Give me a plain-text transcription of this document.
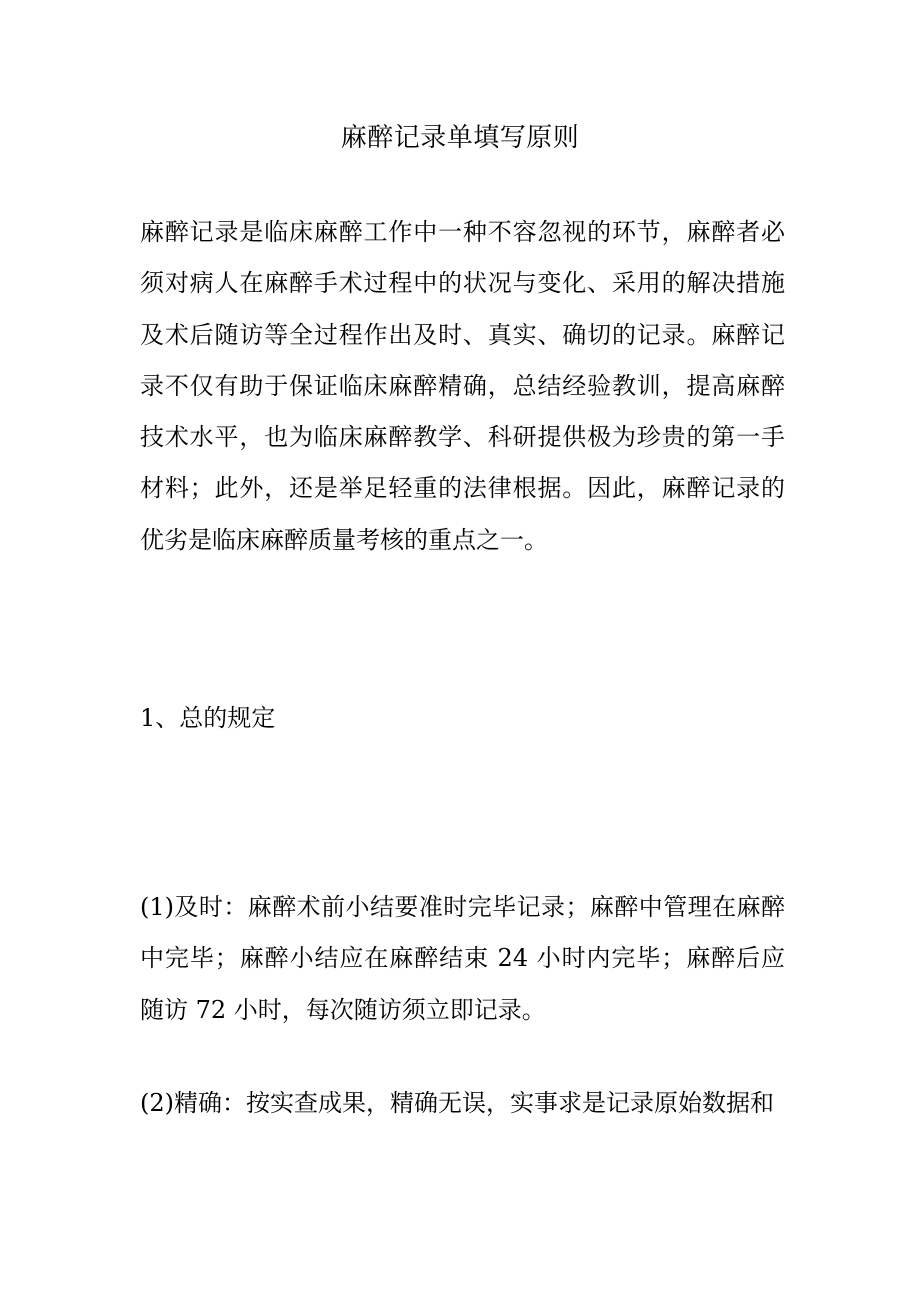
麻醉记录单填写原则

麻醉记录是临床麻醉工作中一种不容忽视的环节，麻醉者必须对病人在麻醉手术过程中的状况与变化、采用的解决措施及术后随访等全过程作出及时、真实、确切的记录。麻醉记录不仅有助于保证临床麻醉精确，总结经验教训，提高麻醉技术水平，也为临床麻醉教学、科研提供极为珍贵的第一手材料；此外，还是举足轻重的法律根据。因此，麻醉记录的优劣是临床麻醉质量考核的重点之一。

1、总的规定

(1)及时：麻醉术前小结要准时完毕记录；麻醉中管理在麻醉中完毕；麻醉小结应在麻醉结束 24 小时内完毕；麻醉后应随访 72 小时，每次随访须立即记录。

(2)精确：按实查成果，精确无误，实事求是记录原始数据和
